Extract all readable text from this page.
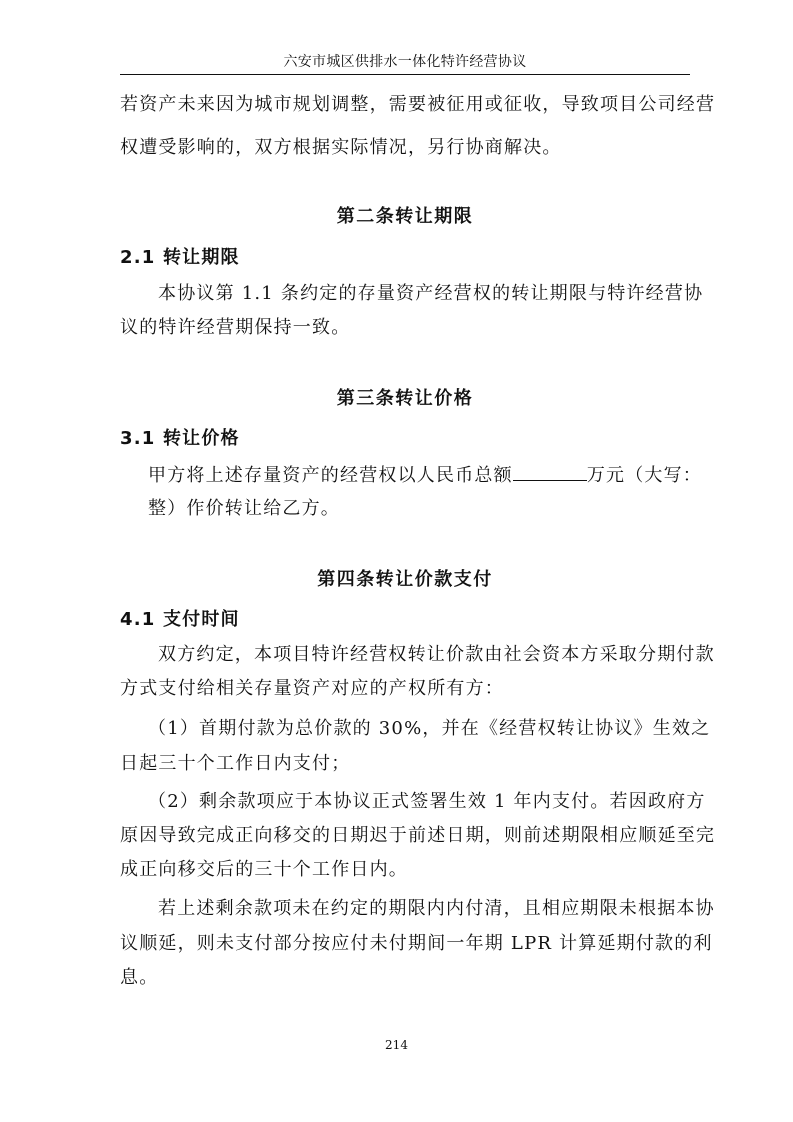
六安市城区供排水一体化特许经营协议
若资产未来因为城市规划调整，需要被征用或征收，导致项目公司经营
权遭受影响的，双方根据实际情况，另行协商解决。
第二条转让期限
2.1 转让期限
本协议第 1.1 条约定的存量资产经营权的转让期限与特许经营协
议的特许经营期保持一致。
第三条转让价格
3.1 转让价格
甲方将上述存量资产的经营权以人民币总额	万元（大写：
整）作价转让给乙方。
第四条转让价款支付
4.1 支付时间
双方约定，本项目特许经营权转让价款由社会资本方采取分期付款
方式支付给相关存量资产对应的产权所有方：
（1）首期付款为总价款的 30%，并在《经营权转让协议》生效之
日起三十个工作日内支付；
（2）剩余款项应于本协议正式签署生效 1 年内支付。若因政府方
原因导致完成正向移交的日期迟于前述日期，则前述期限相应顺延至完
成正向移交后的三十个工作日内。
若上述剩余款项未在约定的期限内内付清，且相应期限未根据本协
议顺延，则未支付部分按应付未付期间一年期 LPR 计算延期付款的利
息。
214
